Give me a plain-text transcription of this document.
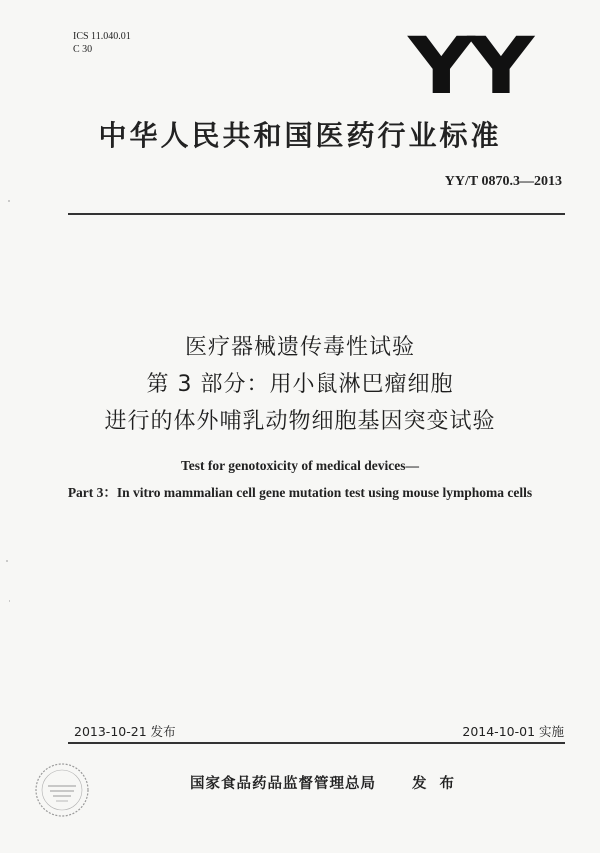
ICS 11.040.01
C 30	YY
中华人民共和国医药行业标准
YY/T 0870.3—2013
医疗器械遗传毒性试验
第 3 部分：用小鼠淋巴瘤细胞
进行的体外哺乳动物细胞基因突变试验
Test for genotoxicity of medical devices—
Part 3：In vitro mammalian cell gene mutation test using mouse lymphoma cells
2013-10-21 发布	2014-10-01 实施
国家食品药品监督管理总局 发 布
